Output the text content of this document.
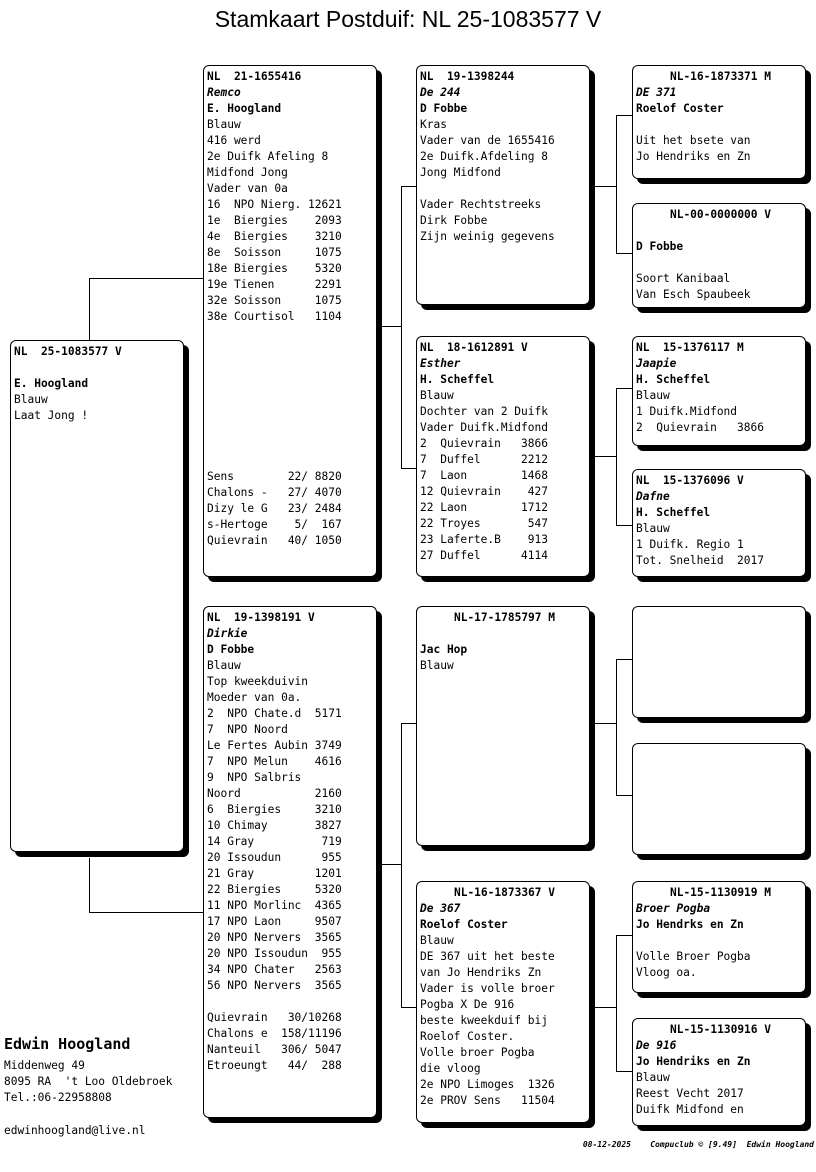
Stamkaart Postduif: NL 25-1083577 V
NL  25-1083577 V
E. Hoogland
Blauw
Laat Jong !
NL  21-1655416
Remco
E. Hoogland
Blauw
416 werd
2e Duifk Afeling 8
Midfond Jong
Vader van 0a
16  NPO Nierg. 12621
1e  Biergies    2093
4e  Biergies    3210
8e  Soisson     1075
18e Biergies    5320
19e Tienen      2291
32e Soisson     1075
38e Courtisol   1104
Sens        22/ 8820
Chalons -   27/ 4070
Dizy le G   23/ 2484
s-Hertoge    5/  167
Quievrain   40/ 1050
NL  19-1398191 V
Dirkie
D Fobbe
Blauw
Top kweekduivin
Moeder van 0a.
2  NPO Chate.d  5171
7  NPO Noord
Le Fertes Aubin 3749
7  NPO Melun    4616
9  NPO Salbris
Noord           2160
6  Biergies     3210
10 Chimay       3827
14 Gray          719
20 Issoudun      955
21 Gray         1201
22 Biergies     5320
11 NPO Morlinc  4365
17 NPO Laon     9507
20 NPO Nervers  3565
20 NPO Issoudun  955
34 NPO Chater   2563
56 NPO Nervers  3565
Quievrain   30/10268
Chalons e  158/11196
Nanteuil   306/ 5047
Etroeungt   44/  288
NL  19-1398244
De 244
D Fobbe
Kras
Vader van de 1655416
2e Duifk.Afdeling 8
Jong Midfond
Vader Rechtstreeks
Dirk Fobbe
Zijn weinig gegevens
NL  18-1612891 V
Esther
H. Scheffel
Blauw
Dochter van 2 Duifk
Vader Duifk.Midfond
2  Quievrain   3866
7  Duffel      2212
7  Laon        1468
12 Quievrain    427
22 Laon        1712
22 Troyes       547
23 Laferte.B    913
27 Duffel      4114
NL-17-1785797 M
Jac Hop
Blauw
NL-16-1873367 V
De 367
Roelof Coster
Blauw
DE 367 uit het beste
van Jo Hendriks Zn
Vader is volle broer
Pogba X De 916
beste kweekduif bij
Roelof Coster.
Volle broer Pogba
die vloog
2e NPO Limoges  1326
2e PROV Sens   11504
NL-16-1873371 M
DE 371
Roelof Coster
Uit het bsete van
Jo Hendriks en Zn
NL-00-0000000 V
D Fobbe
Soort Kanibaal
Van Esch Spaubeek
NL  15-1376117 M
Jaapie
H. Scheffel
Blauw
1 Duifk.Midfond
2  Quievrain   3866
NL  15-1376096 V
Dafne
H. Scheffel
Blauw
1 Duifk. Regio 1
Tot. Snelheid  2017
NL-15-1130919 M
Broer Pogba
Jo Hendrks en Zn
Volle Broer Pogba
Vloog oa.
NL-15-1130916 V
De 916
Jo Hendriks en Zn
Blauw
Reest Vecht 2017
Duifk Midfond en
Edwin Hoogland
Middenweg 49
8095 RA  't Loo Oldebroek
Tel.:06-22958808
edwinhoogland@live.nl
08-12-2025    Compuclub © [9.49]  Edwin Hoogland
